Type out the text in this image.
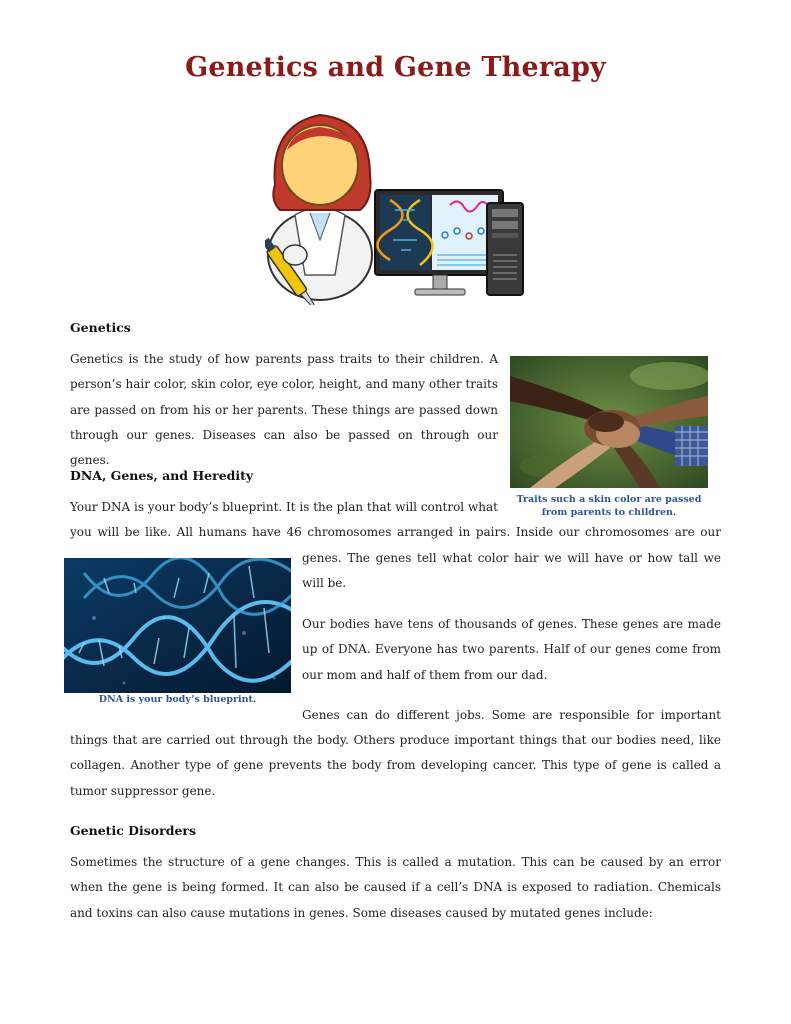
Genetics and Gene Therapy
Genetics

Genetics is the study of how parents pass traits to their children. A person’s hair color, skin color, eye color, height, and many other traits are passed on from his or her parents. These things are passed down through our genes. Diseases can also be passed on through our genes.

Traits such a skin color are passed from parents to children.
DNA, Genes, and Heredity

Your DNA is your body’s blueprint. It is the plan that will control what

you will be like. All humans have 46 chromosomes arranged in pairs. Inside our chromosomes are our

DNA is your body’s blueprint.

genes. The genes tell what color hair we will have or how tall we will be.

Our bodies have tens of thousands of genes. These genes are made up of DNA. Everyone has two parents. Half of our genes come from our mom and half of them from our dad.

Genes can do different jobs. Some are responsible for important

things that are carried out through the body. Others produce important things that our bodies need, like collagen. Another type of gene prevents the body from developing cancer. This type of gene is called a tumor suppressor gene.

Genetic Disorders

Sometimes the structure of a gene changes. This is called a mutation. This can be caused by an error when the gene is being formed. It can also be caused if a cell’s DNA is exposed to radiation. Chemicals and toxins can also cause mutations in genes. Some diseases caused by mutated genes include:
